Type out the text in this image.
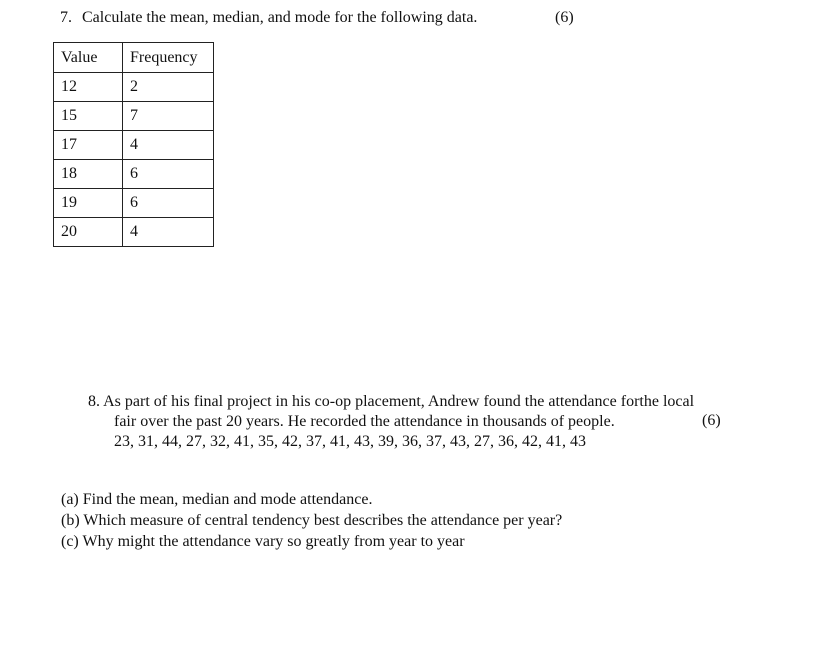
7. Calculate the mean, median, and mode for the following data.	(6)
Value	Frequency
12	2
15	7
17	4
18	6
19	6
20	4
8. As part of his final project in his co-op placement, Andrew found the attendance forthe local
fair over the past 20 years. He recorded the attendance in thousands of people.
23, 31, 44, 27, 32, 41, 35, 42, 37, 41, 43, 39, 36, 37, 43, 27, 36, 42, 41, 43
(6)
(a) Find the mean, median and mode attendance.
(b) Which measure of central tendency best describes the attendance per year?
(c) Why might the attendance vary so greatly from year to year
